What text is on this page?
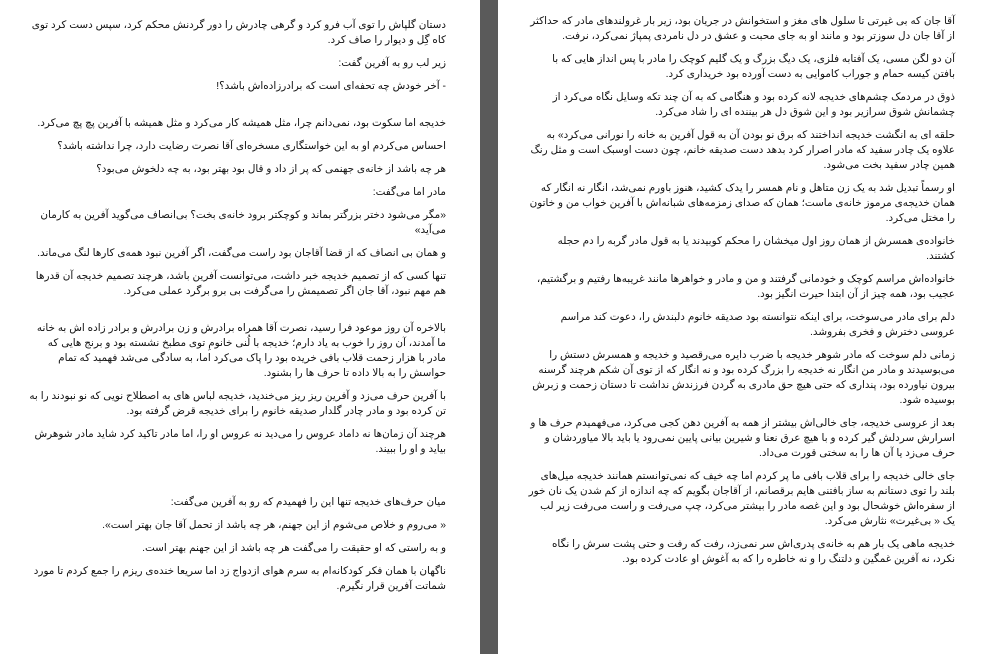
دستان گلپاش را توی آب فرو کرد و گرهی چادرش را دور گردنش محکم کرد، سپس دست کرد توی کاه گِل و دیوار را صاف کرد.

زیر لب رو به آفرین گفت:

- آخر خودش چه تحفه‌ای است که برادرزاده‌اش باشد؟!

خدیجه اما سکوت بود، نمی‌دانم چرا، مثل همیشه کار می‌کرد و مثل همیشه با آفرین پچ پچ می‌کرد.

احساس می‌کردم او به این خواستگاری مسخره‌ای آقا نصرت رضایت دارد، چرا نداشته باشد؟

هر چه باشد از خانه‌ی جهنمی که پر از داد و قال بود بهتر بود، به چه دلخوش می‌بود؟

مادر اما می‌گفت:

«مگر می‌شود دختر بزرگتر بماند و کوچکتر برود خانه‌ی بخت؟ بی‌انصاف می‌گوید آفرین به کارمان می‌آید»

و همان بی انصاف که از قضا آقاجان بود راست می‌گفت، اگر آفرین نبود همه‌ی کارها لنگ می‌ماند.

تنها کسی که از تصمیم خدیجه خبر داشت، می‌توانست آفرین باشد، هرچند تصمیم خدیجه آن قدرها هم مهم نبود، آقا جان اگر تصمیمش را می‌گرفت بی برو برگرد عملی می‌کرد.

بالاخره آن روز موعود فرا رسید، نصرت آقا همراه برادرش و زن برادرش و برادر زاده اش به خانه ما آمدند، آن روز را خوب به یاد دارم؛ خدیجه با لُنی خانومِ توی مطبخ نشسته بود و برنج هایی که مادر با هزار زحمت قلاب بافی خریده بود را پاک می‌کرد اما، به سادگی می‌شد فهمید که تمام حواسش را به بالا داده تا حرف ها را بشنود.

با آفرین حرف می‌زد و آفرین ریز ریز می‌خندید، خدیجه لباس های به اصطلاح نویی که نو نبودند را به تن کرده بود و مادر چادر گلدار صدیقه خانوم را برای خدیجه قرض گرفته بود.

هرچند آن زمان‌ها نه داماد عروس را می‌دید نه عروس او را، اما مادر تاکید کرد شاید مادر شوهرش بیاید و او را ببیند.

میان حرف‌های خدیجه تنها این را فهمیدم که رو به آفرین می‌گفت:

« می‌روم و خلاص می‌شوم از این جهنم، هر چه باشد از تحمل آقا جان بهتر است».

و به راستی که او حقیقت را می‌گفت هر چه باشد از این جهنم بهتر است.

ناگهان با همان فکر کودکانه‌ام به سرم هوای ازدواج زد اما سریعا خنده‌ی ریزم را جمع کردم تا مورد شماتت آفرین قرار نگیرم.

آقا جان که بی غیرتی تا سلول های مغز و استخوانش در جریان بود، زیر بار غرولندهای مادر که حداکثر از آقا جان دل سوزتر بود و مانند او به جای محبت و عشق در دل نامردی پمپاژ نمی‌کرد، نرفت.

آن دو لگن مسی، یک آفتابه فلزی، یک دیگ بزرگ و یک گلیم کوچک را مادر با پس انداز هایی که با بافتن کیسه حمام و جوراب کاموایی به دست آورده بود خریداری کرد.

ذوق در مردمک چشم‌های خدیجه لانه کرده بود و هنگامی که به آن چند تکه وسایل نگاه می‌کرد از چشمانش شوق سرازیر بود و این شوق دل هر بیننده ای را شاد می‌کرد.

حلقه ای به انگشت خدیجه انداختند که برق نو بودن آن به قول آفرین به خانه را نورانی می‌کرد» به علاوه یک چادر سفید که مادر اصرار کرد بدهد دست صدیقه خانم، چون دست اوسبک است و مثل رنگ همین چادر سفید بخت می‌شود.

او رسماً تبدیل شد به یک زن متاهل و نام همسر را یدک کشید، هنوز باورم نمی‌شد، انگار نه انگار که همان خدیجه‌ی مرموز خانه‌ی ماست؛ همان که صدای زمزمه‌های شبانه‌اش با آفرین خواب من و خاتون را مختل می‌کرد.

خانواده‌ی همسرش از همان روز اول میخشان را محکم کوبیدند یا به قول مادر گربه را دم حجله کشتند.

خانواده‌اش مراسم کوچک و خودمانی گرفتند و من و مادر و خواهرها مانند غریبه‌ها رفتیم و برگشتیم، عجیب بود، همه چیز از آن ابتدا حیرت انگیز بود.

دلم برای مادر می‌سوخت، برای اینکه نتوانسته بود صدیقه خانوم دلبندش را، دعوت کند مراسم عروسی دخترش و فخری بفروشد.

زمانی دلم سوخت که مادر شوهر خدیجه با ضرب دایره می‌رقصید و خدیجه و همسرش دستش را می‌بوسیدند و مادر من انگار نه خدیجه را بزرگ کرده بود و نه انگار که از توی آن شکم هرچند گرسنه بیرون نیاورده بود، پنداری که حتی هیچ حق مادری به گردن فرزندش نداشت تا دستان زحمت و زبرش بوسیده شود.

بعد از عروسی خدیجه، جای خالی‌اش بیشتر از همه به آفرین دهن کجی می‌کرد، می‌فهمیدم حرف ها و اسرارش سردلش گیر کرده و با هیچ عرق نعنا و شیرین بیانی پایین نمی‌رود یا باید بالا میاوردشان و حرف می‌زد یا آن ها را به سختی قورت می‌داد.

جای خالی خدیجه را برای قلاب بافی ما پر کردم اما چه خیف که نمی‌توانستم همانند خدیجه میل‌های بلند را توی دستانم به ساز بافتنی هایم برقصانم، از آقاجان بگویم که چه اندازه از کم شدن یک نان خور از سفره‌اش خوشحال بود و این غصه مادر را بیشتر می‌کرد، چپ می‌رفت و راست می‌رفت زیر لب یک « بی‌غیرت» نثارش می‌کرد.

خدیجه ماهی یک بار هم به خانه‌ی پدری‌اش سر نمی‌زد، رفت که رفت و حتی پشت سرش را نگاه نکرد، نه آفرین غمگین و دلتنگ را و نه خاطره را که به آغوش او عادت کرده بود.
